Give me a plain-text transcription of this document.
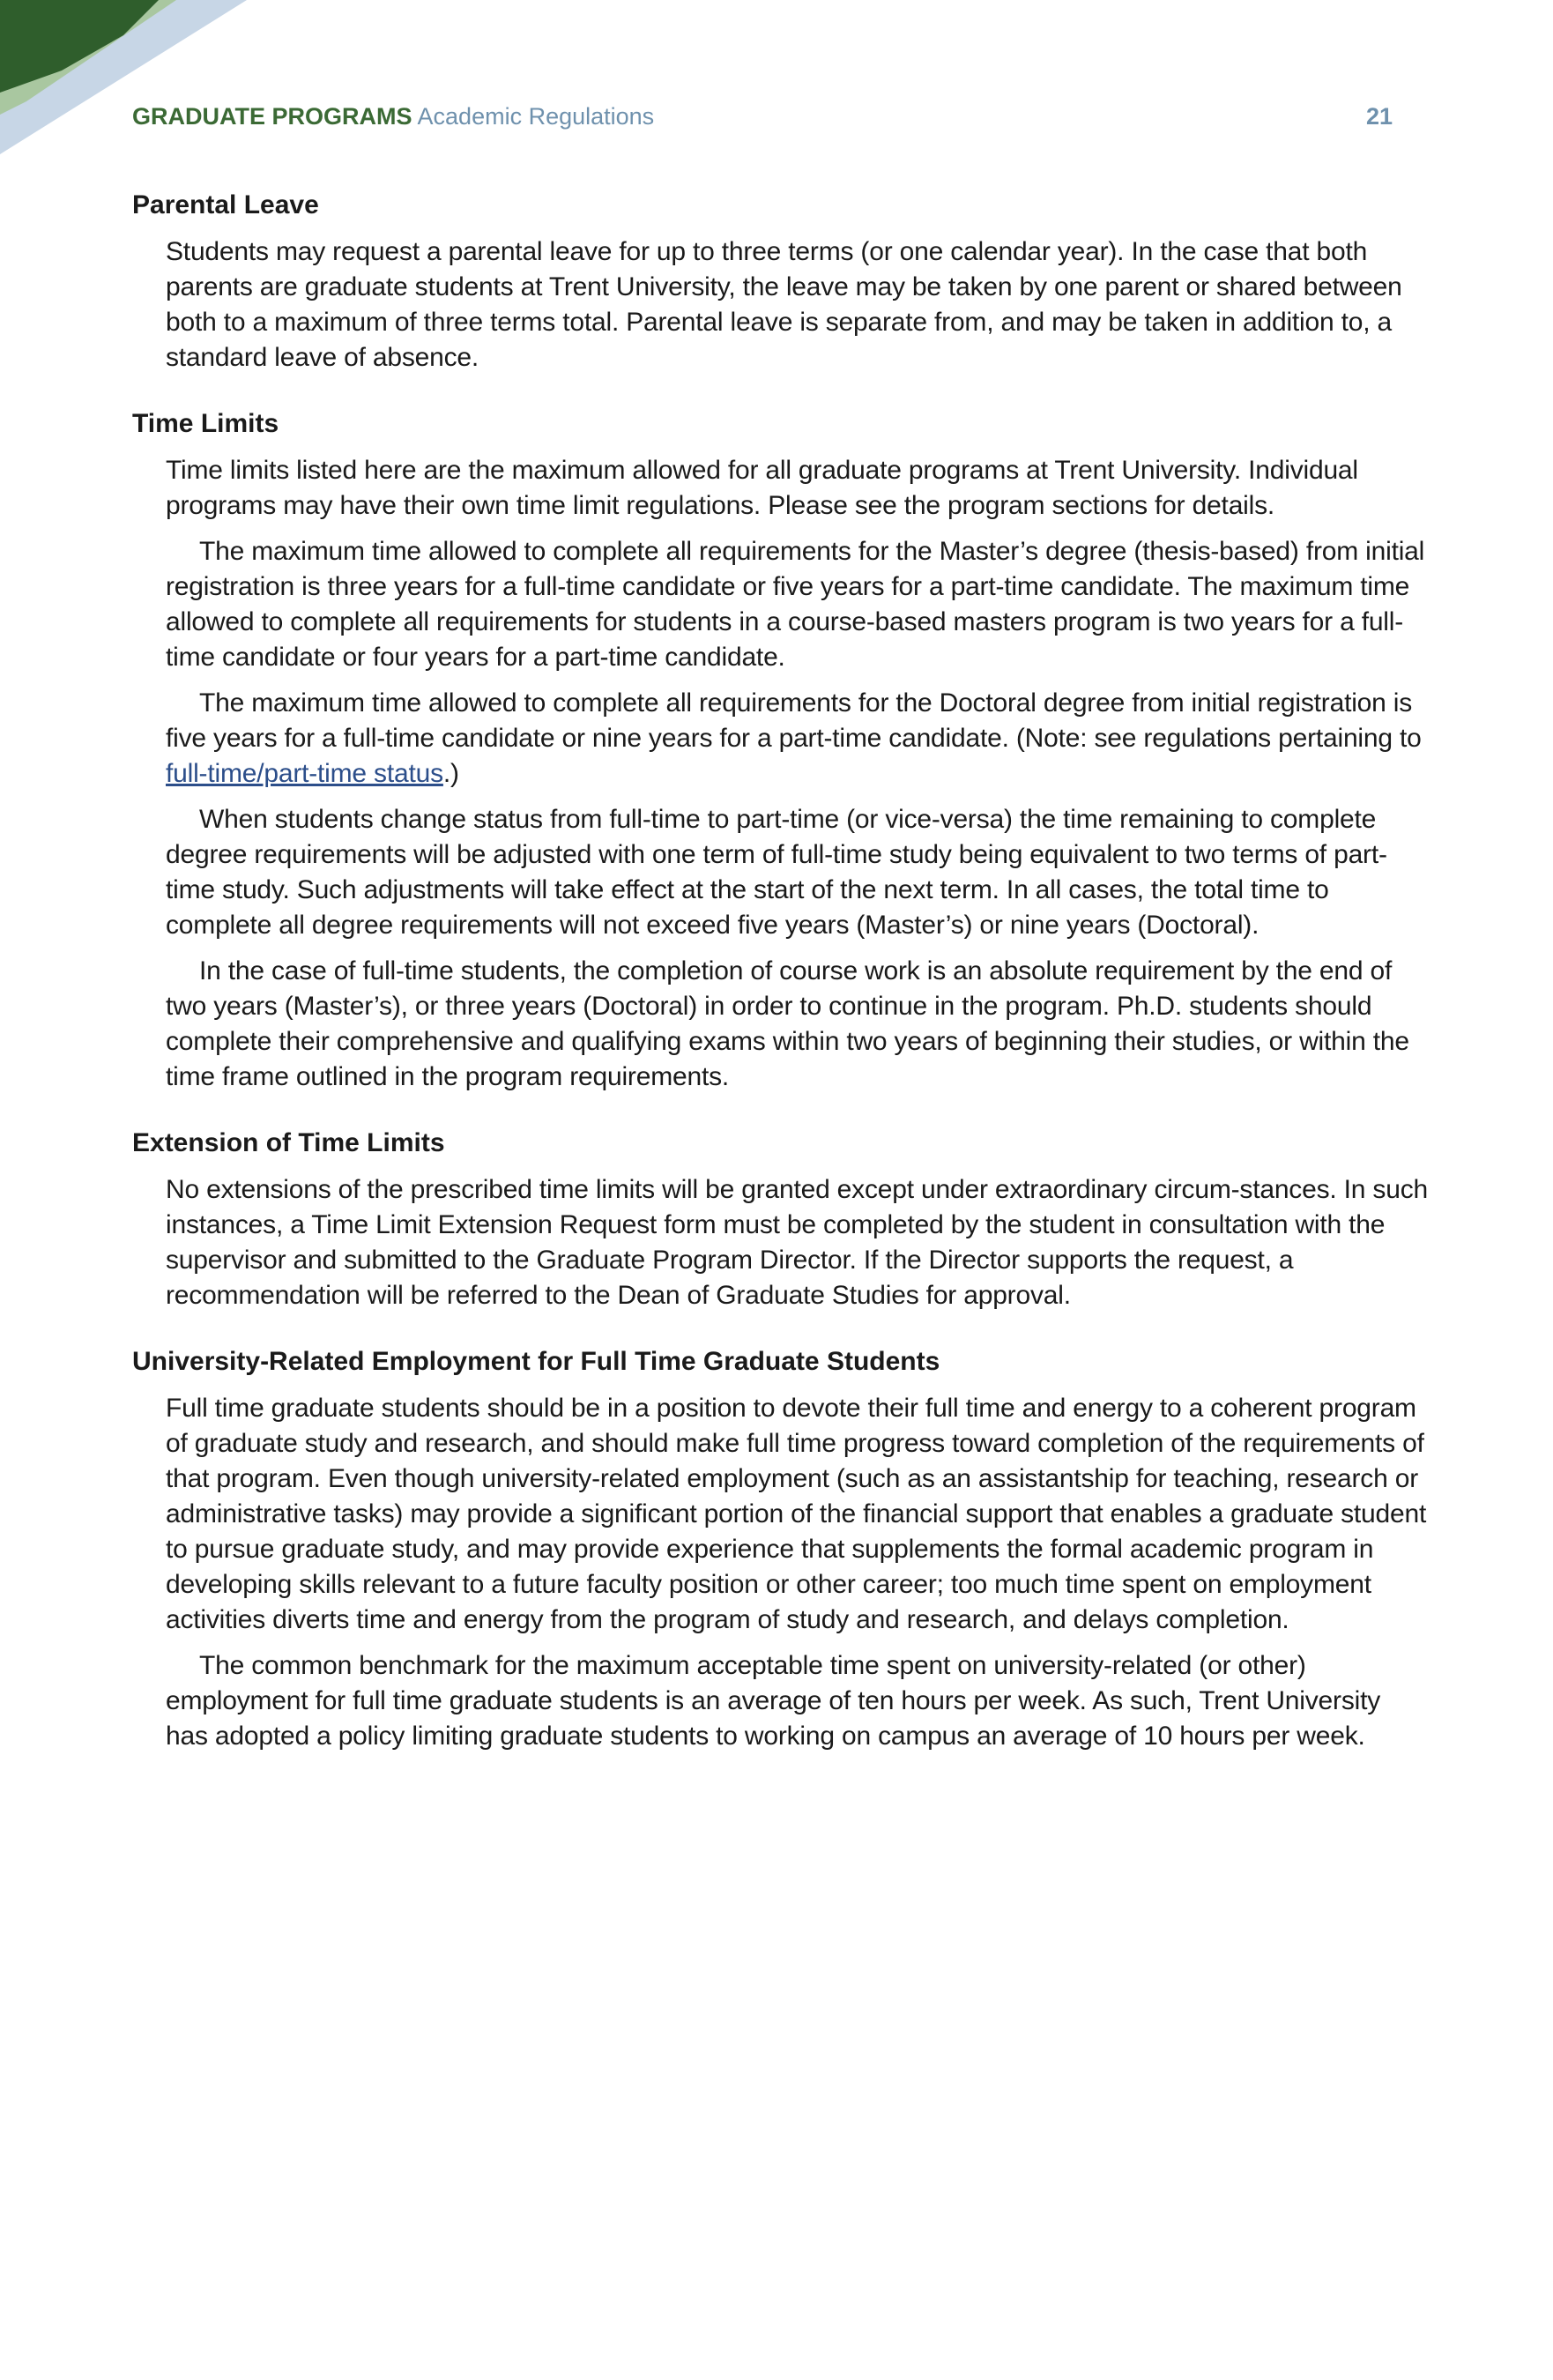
GRADUATE PROGRAMS Academic Regulations	21
Parental Leave

Students may request a parental leave for up to three terms (or one calendar year). In the case that both parents are graduate students at Trent University, the leave may be taken by one parent or shared between both to a maximum of three terms total. Parental leave is separate from, and may be taken in addition to, a standard leave of absence.

Time Limits

Time limits listed here are the maximum allowed for all graduate programs at Trent University. Individual programs may have their own time limit regulations. Please see the program sections for details.

The maximum time allowed to complete all requirements for the Master’s degree (thesis-based) from initial registration is three years for a full-time candidate or five years for a part-time candidate. The maximum time allowed to complete all requirements for students in a course-based masters program is two years for a full-time candidate or four years for a part-time candidate.

The maximum time allowed to complete all requirements for the Doctoral degree from initial registration is five years for a full-time candidate or nine years for a part-time candidate. (Note: see regulations pertaining to full-time/part-time status.)

When students change status from full-time to part-time (or vice-versa) the time remaining to complete degree requirements will be adjusted with one term of full-time study being equivalent to two terms of part-time study. Such adjustments will take effect at the start of the next term. In all cases, the total time to complete all degree requirements will not exceed five years (Master’s) or nine years (Doctoral).

In the case of full-time students, the completion of course work is an absolute requirement by the end of two years (Master’s), or three years (Doctoral) in order to continue in the program. Ph.D. students should complete their comprehensive and qualifying exams within two years of beginning their studies, or within the time frame outlined in the program requirements.

Extension of Time Limits

No extensions of the prescribed time limits will be granted except under extraordinary circum-stances. In such instances, a Time Limit Extension Request form must be completed by the student in consultation with the supervisor and submitted to the Graduate Program Director. If the Director supports the request, a recommendation will be referred to the Dean of Graduate Studies for approval.

University-Related Employment for Full Time Graduate Students

Full time graduate students should be in a position to devote their full time and energy to a coherent program of graduate study and research, and should make full time progress toward completion of the requirements of that program. Even though university-related employment (such as an assistantship for teaching, research or administrative tasks) may provide a significant portion of the financial support that enables a graduate student to pursue graduate study, and may provide experience that supplements the formal academic program in developing skills relevant to a future faculty position or other career; too much time spent on employment activities diverts time and energy from the program of study and research, and delays completion.

The common benchmark for the maximum acceptable time spent on university-related (or other) employment for full time graduate students is an average of ten hours per week. As such, Trent University has adopted a policy limiting graduate students to working on campus an average of 10 hours per week.
